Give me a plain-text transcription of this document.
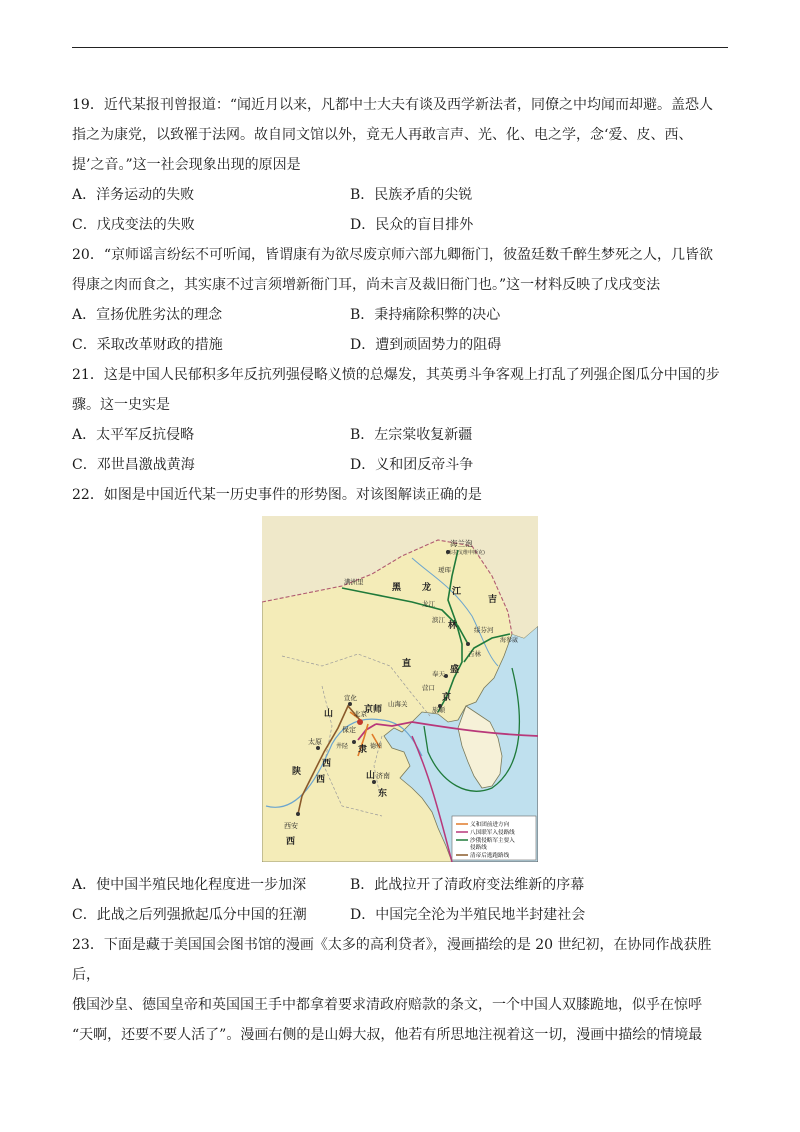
19．近代某报刊曾报道：“闻近月以来，凡都中士大夫有谈及西学新法者，同僚之中均闻而却避。盖恐人

指之为康党，以致罹于法网。故自同文馆以外，竟无人再敢言声、光、化、电之学，念‘爱、皮、西、

提’之音。”这一社会现象出现的原因是

A．洋务运动的失败	B．民族矛盾的尖锐
C．戊戌变法的失败	D．民众的盲目排外

20．“京师谣言纷纭不可听闻，皆谓康有为欲尽废京师六部九卿衙门，彼盈廷数千醉生梦死之人，几皆欲

得康之肉而食之，其实康不过言须增新衙门耳，尚未言及裁旧衙门也。”这一材料反映了戊戌变法

A．宣扬优胜劣汰的理念	B．秉持痛除积弊的决心
C．采取改革财政的措施	D．遭到顽固势力的阻碍

21．这是中国人民郁积多年反抗列强侵略义愤的总爆发，其英勇斗争客观上打乱了列强企图瓜分中国的步

骤。这一史实是

A．太平军反抗侵略	B．左宗棠收复新疆
C．邓世昌激战黄海	D．义和团反帝斗争

22．如图是中国近代某一历史事件的形势图。对该图解读正确的是

海兰泡
(布拉戈维申斯克)
瑷珲
满洲里
龙江
黑 龙 江
吉
林
滨江
绥芬河
海参崴
吉林
直
奉天 盛
京
营口
旅顺
宣化
北京
京师
山海关
保定
山
西
太原
井陉 隶 德州
山
东
济南
陕
西
西安
西
义和团前进方向
八国联军入侵路线
沙俄侵略军主要入
侵路线
清帝后逃跑路线
A．使中国半殖民地化程度进一步加深	B．此战拉开了清政府变法维新的序幕
C．此战之后列强掀起瓜分中国的狂潮	D．中国完全沦为半殖民地半封建社会

23．下面是藏于美国国会图书馆的漫画《太多的高利贷者》，漫画描绘的是 20 世纪初，在协同作战获胜后，

俄国沙皇、德国皇帝和英国国王手中都拿着要求清政府赔款的条文，一个中国人双膝跪地，似乎在惊呼

“天啊，还要不要人活了”。漫画右侧的是山姆大叔，他若有所思地注视着这一切，漫画中描绘的情境最
